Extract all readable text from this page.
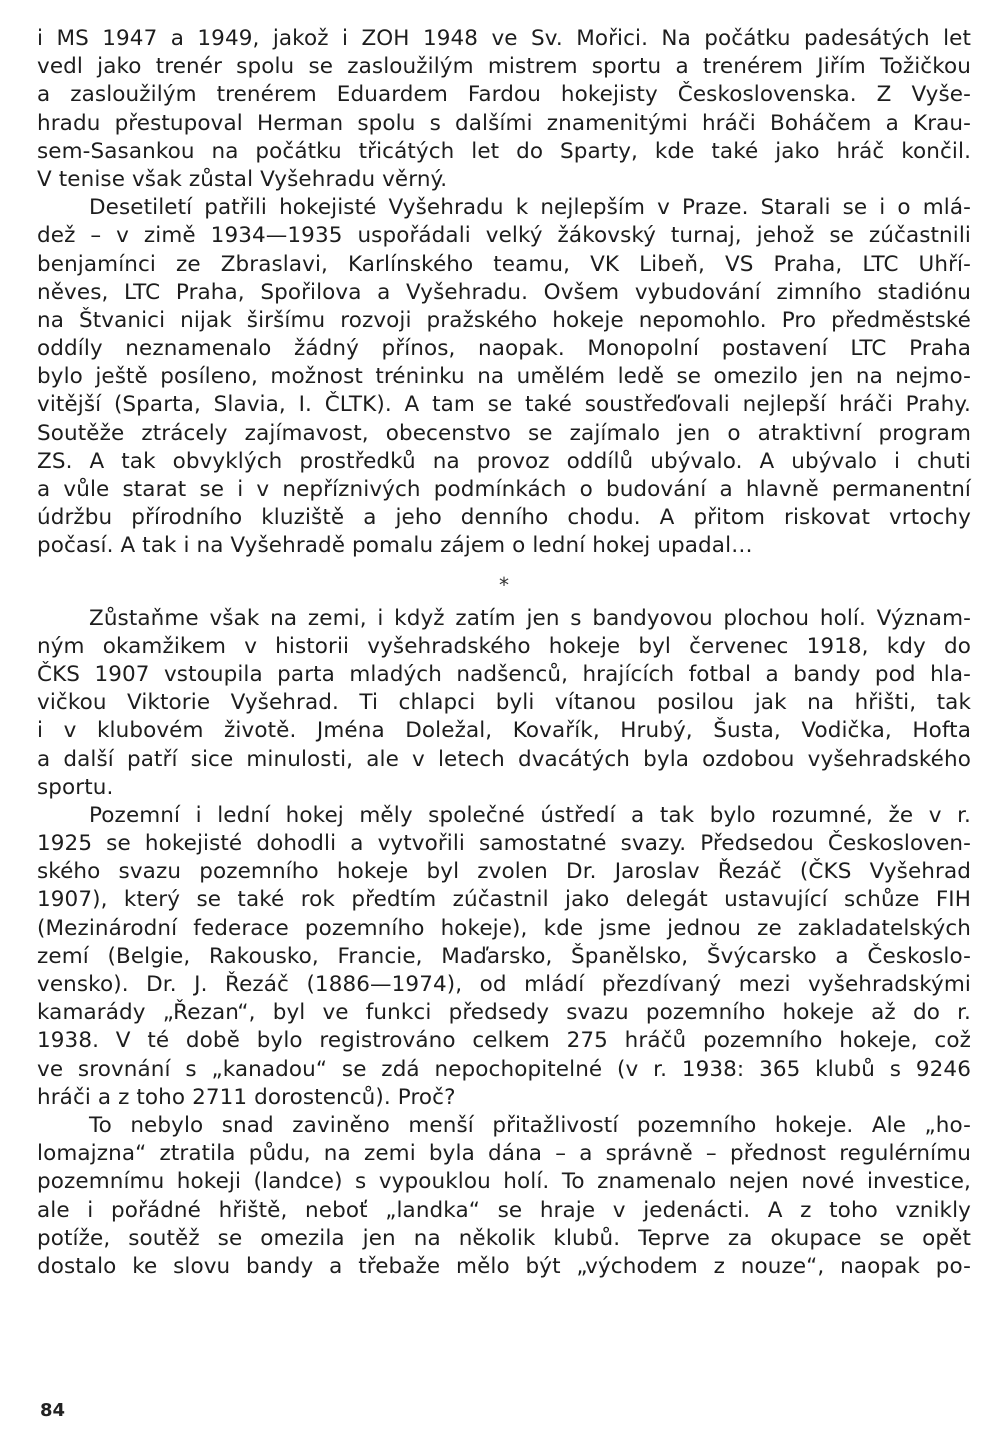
i MS 1947 a 1949, jakož i ZOH 1948 ve Sv. Mořici. Na počátku padesátých let
vedl jako trenér spolu se zasloužilým mistrem sportu a trenérem Jiřím Tožičkou
a zasloužilým trenérem Eduardem Fardou hokejisty Československa. Z Vyše-
hradu přestupoval Herman spolu s dalšími znamenitými hráči Boháčem a Krau-
sem-Sasankou na počátku třicátých let do Sparty, kde také jako hráč končil.
V tenise však zůstal Vyšehradu věrný.
Desetiletí patřili hokejisté Vyšehradu k nejlepším v Praze. Starali se i o mlá-
dež – v zimě 1934—1935 uspořádali velký žákovský turnaj, jehož se zúčastnili
benjamínci ze Zbraslavi, Karlínského teamu, VK Libeň, VS Praha, LTC Uhří-
něves, LTC Praha, Spořilova a Vyšehradu. Ovšem vybudování zimního stadiónu
na Štvanici nijak širšímu rozvoji pražského hokeje nepomohlo. Pro předměstské
oddíly neznamenalo žádný přínos, naopak. Monopolní postavení LTC Praha
bylo ještě posíleno, možnost tréninku na umělém ledě se omezilo jen na nejmo-
vitější (Sparta, Slavia, I. ČLTK). A tam se také soustřeďovali nejlepší hráči Prahy.
Soutěže ztrácely zajímavost, obecenstvo se zajímalo jen o atraktivní program
ZS. A tak obvyklých prostředků na provoz oddílů ubývalo. A ubývalo i chuti
a vůle starat se i v nepříznivých podmínkách o budování a hlavně permanentní
údržbu přírodního kluziště a jeho denního chodu. A přitom riskovat vrtochy
počasí. A tak i na Vyšehradě pomalu zájem o lední hokej upadal…
*
Zůstaňme však na zemi, i když zatím jen s bandyovou plochou holí. Význam-
ným okamžikem v historii vyšehradského hokeje byl červenec 1918, kdy do
ČKS 1907 vstoupila parta mladých nadšenců, hrajících fotbal a bandy pod hla-
vičkou Viktorie Vyšehrad. Ti chlapci byli vítanou posilou jak na hřišti, tak
i v klubovém životě. Jména Doležal, Kovařík, Hrubý, Šusta, Vodička, Hofta
a další patří sice minulosti, ale v letech dvacátých byla ozdobou vyšehradského
sportu.
Pozemní i lední hokej měly společné ústředí a tak bylo rozumné, že v r.
1925 se hokejisté dohodli a vytvořili samostatné svazy. Předsedou Českosloven-
ského svazu pozemního hokeje byl zvolen Dr. Jaroslav Řezáč (ČKS Vyšehrad
1907), který se také rok předtím zúčastnil jako delegát ustavující schůze FIH
(Mezinárodní federace pozemního hokeje), kde jsme jednou ze zakladatelských
zemí (Belgie, Rakousko, Francie, Maďarsko, Španělsko, Švýcarsko a Českoslo-
vensko). Dr. J. Řezáč (1886—1974), od mládí přezdívaný mezi vyšehradskými
kamarády „Řezan“, byl ve funkci předsedy svazu pozemního hokeje až do r.
1938. V té době bylo registrováno celkem 275 hráčů pozemního hokeje, což
ve srovnání s „kanadou“ se zdá nepochopitelné (v r. 1938: 365 klubů s 9246
hráči a z toho 2711 dorostenců). Proč?
To nebylo snad zaviněno menší přitažlivostí pozemního hokeje. Ale „ho-
lomajzna“ ztratila půdu, na zemi byla dána – a správně – přednost regulérnímu
pozemnímu hokeji (landce) s vypouklou holí. To znamenalo nejen nové investice,
ale i pořádné hřiště, neboť „landka“ se hraje v jedenácti. A z toho vznikly
potíže, soutěž se omezila jen na několik klubů. Teprve za okupace se opět
dostalo ke slovu bandy a třebaže mělo být „východem z nouze“, naopak po-
84
